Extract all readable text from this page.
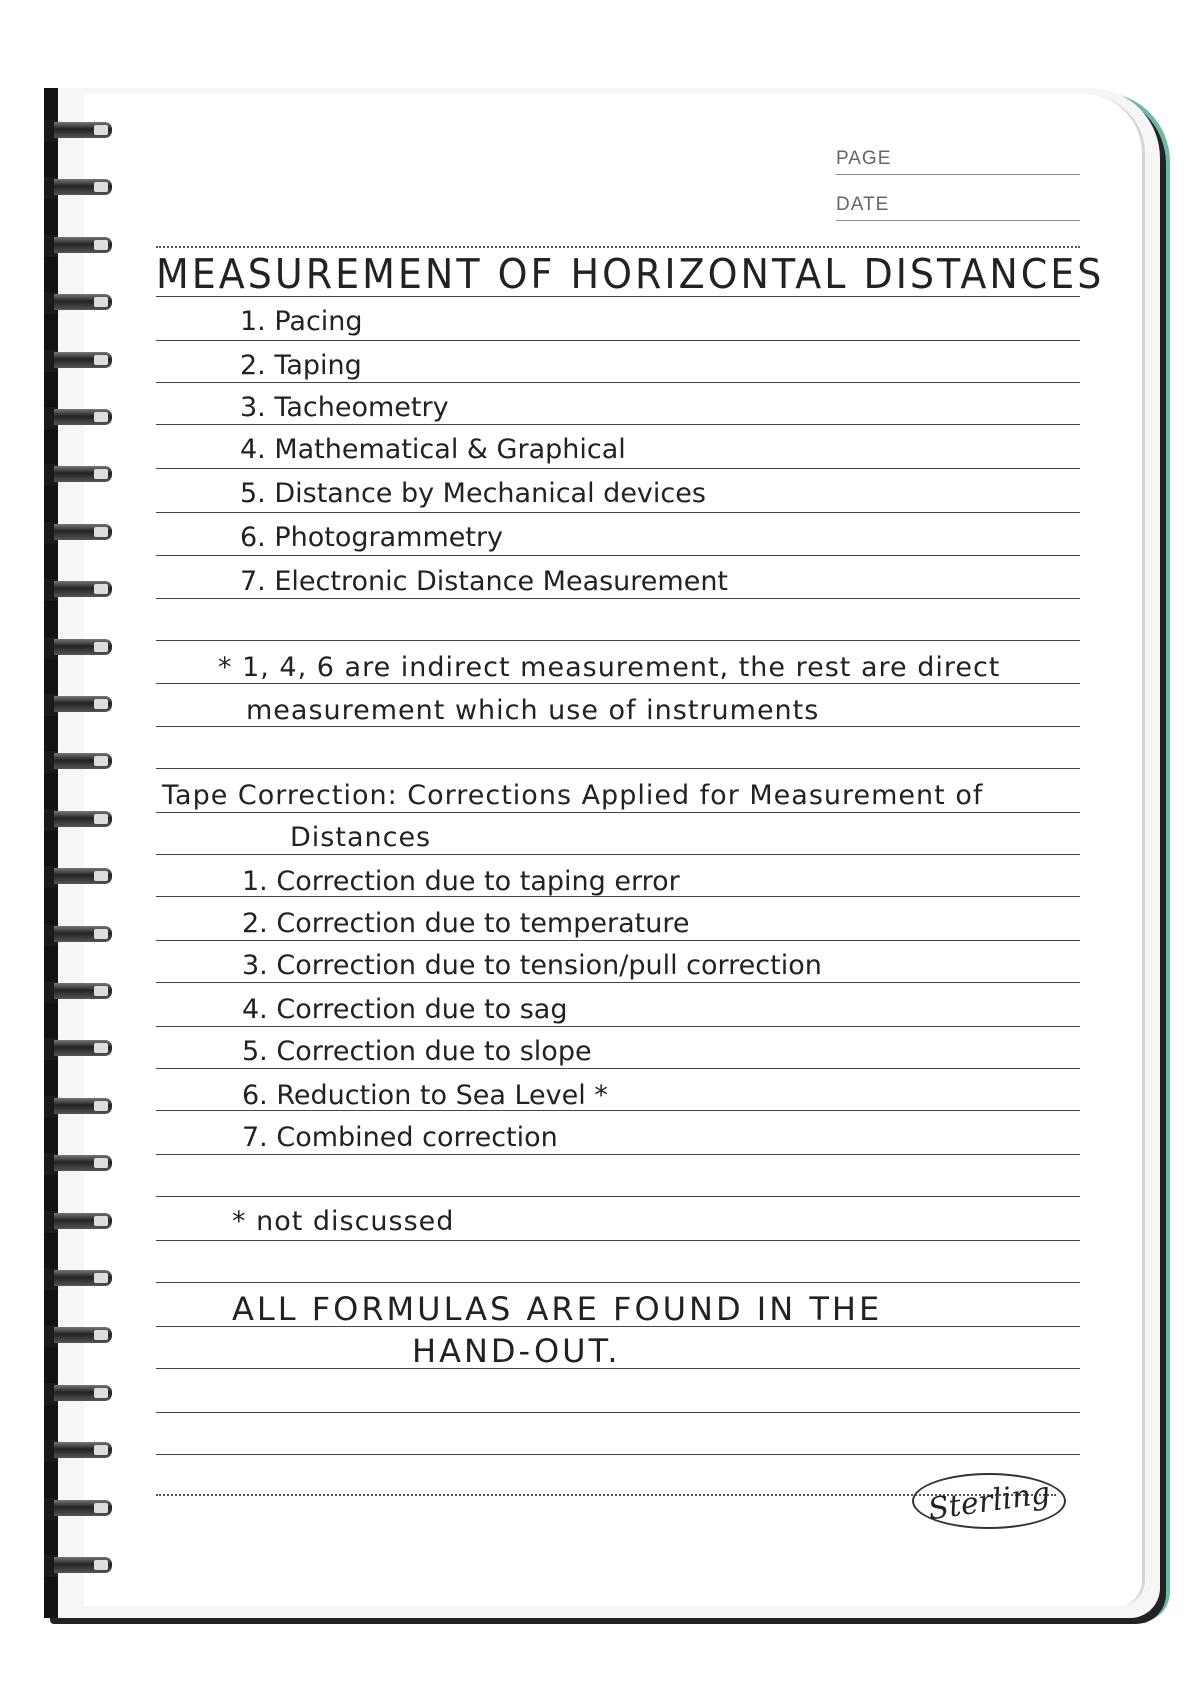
PAGE
DATE
MEASUREMENT OF HORIZONTAL DISTANCES
1. Pacing
2. Taping
3. Tacheometry
4. Mathematical & Graphical
5. Distance by Mechanical devices
6. Photogrammetry
7. Electronic Distance Measurement
* 1, 4, 6 are indirect measurement, the rest are direct
measurement which use of instruments
Tape Correction: Corrections Applied for Measurement of
Distances
1. Correction due to taping error
2. Correction due to temperature
3. Correction due to tension/pull correction
4. Correction due to sag
5. Correction due to slope
6. Reduction to Sea Level *
7. Combined correction
* not discussed
ALL FORMULAS ARE FOUND IN THE
HAND-OUT.
Sterling
